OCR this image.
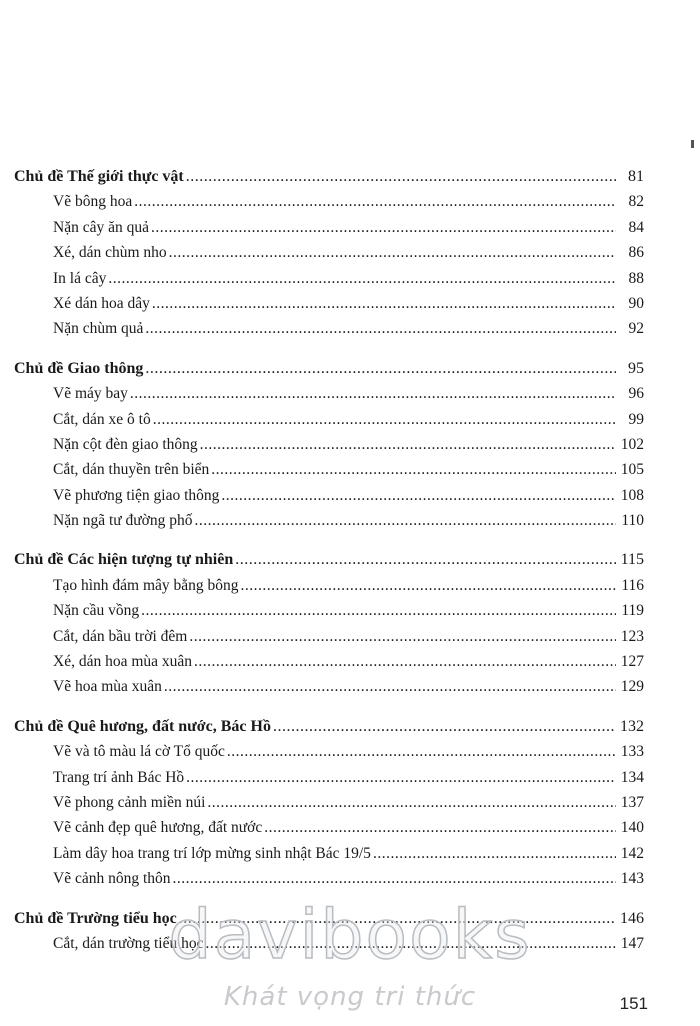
Chủ đề Thế giới thực vật .....	81
Vẽ bông hoa .....	82
Nặn cây ăn quả .....	84
Xé, dán chùm nho .....	86
In lá cây .....	88
Xé dán hoa dây .....	90
Nặn chùm quả .....	92
Chủ đề Giao thông .....	95
Vẽ máy bay .....	96
Cắt, dán xe ô tô .....	99
Nặn cột đèn giao thông .....	102
Cắt, dán thuyền trên biển .....	105
Vẽ phương tiện giao thông .....	108
Nặn ngã tư đường phố .....	110
Chủ đề Các hiện tượng tự nhiên .....	115
Tạo hình đám mây bằng bông .....	116
Nặn cầu vồng .....	119
Cắt, dán bầu trời đêm .....	123
Xé, dán hoa mùa xuân .....	127
Vẽ hoa mùa xuân .....	129
Chủ đề Quê hương, đất nước, Bác Hồ .....	132
Vẽ và tô màu lá cờ Tổ quốc .....	133
Trang trí ảnh Bác Hồ .....	134
Vẽ phong cảnh miền núi .....	137
Vẽ cảnh đẹp quê hương, đất nước .....	140
Làm dây hoa trang trí lớp mừng sinh nhật Bác 19/5 .....	142
Vẽ cảnh nông thôn .....	143
Chủ đề Trường tiểu học .....	146
Cắt, dán trường tiểu học .....	147
davibooks
Khát vọng tri thức	151
